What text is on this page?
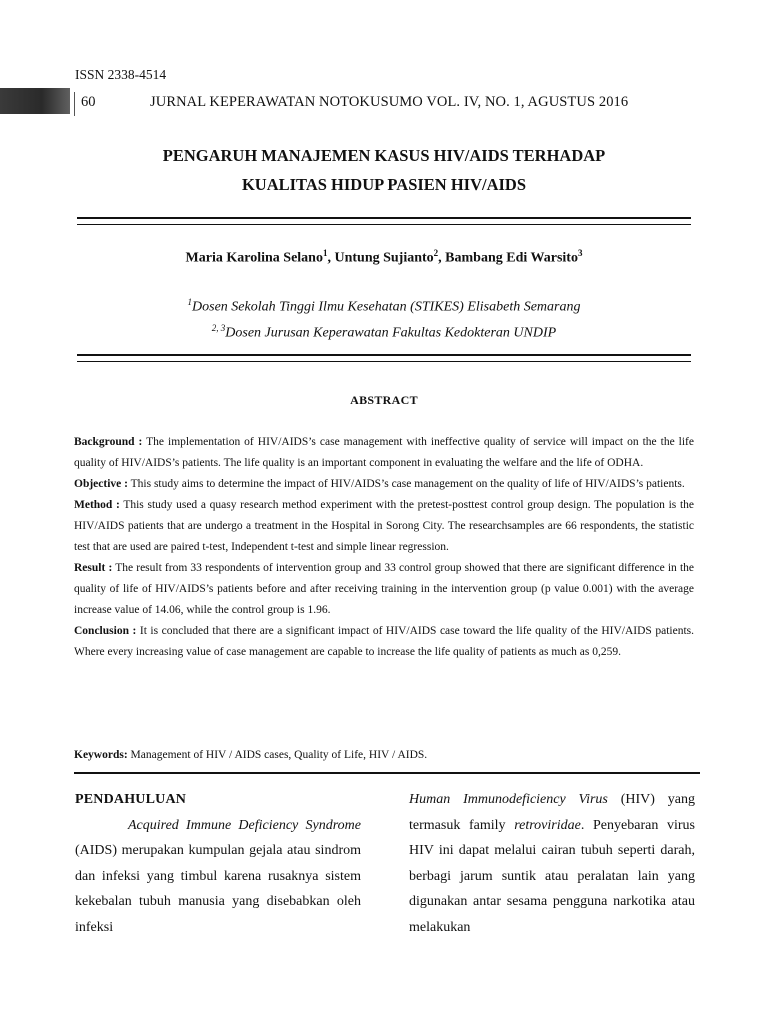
ISSN 2338-4514
60	JURNAL KEPERAWATAN NOTOKUSUMO VOL. IV, NO. 1, AGUSTUS 2016
PENGARUH MANAJEMEN KASUS HIV/AIDS TERHADAP
KUALITAS HIDUP PASIEN HIV/AIDS
Maria Karolina Selano$^1$, Untung Sujianto$^2$, Bambang Edi Warsito$^3$
$^1$Dosen Sekolah Tinggi Ilmu Kesehatan (STIKES) Elisabeth Semarang
$^{2, 3}$Dosen Jurusan Keperawatan Fakultas Kedokteran UNDIP
ABSTRACT

Background : The implementation of HIV/AIDS’s case management with ineffective quality of service will impact on the the life quality of HIV/AIDS’s patients. The life quality is an important component in evaluating the welfare and the life of ODHA.

Objective : This study aims to determine the impact of HIV/AIDS’s case management on the quality of life of HIV/AIDS’s patients.

Method : This study used a quasy research method experiment with the pretest-posttest control group design. The population is the HIV/AIDS patients that are undergo a treatment in the Hospital in Sorong City. The researchsamples are 66 respondents, the statistic test that are used are paired t-test, Independent t-test and simple linear regression.

Result : The result from 33 respondents of intervention group and 33 control group showed that there are significant difference in the quality of life of HIV/AIDS’s patients before and after receiving training in the intervention group (p value 0.001) with the average increase value of 14.06, while the control group is 1.96.

Conclusion : It is concluded that there are a significant impact of HIV/AIDS case toward the life quality of the HIV/AIDS patients. Where every increasing value of case management are capable to increase the life quality of patients as much as 0,259.

Keywords: Management of HIV / AIDS cases, Quality of Life, HIV / AIDS.

PENDAHULUAN

Acquired Immune Deficiency Syndrome (AIDS) merupakan kumpulan gejala atau sindrom dan infeksi yang timbul karena rusaknya sistem kekebalan tubuh manusia yang disebabkan oleh infeksi

Human Immunodeficiency Virus (HIV) yang termasuk family retroviridae. Penyebaran virus HIV ini dapat melalui cairan tubuh seperti darah, berbagi jarum suntik atau peralatan lain yang digunakan antar sesama pengguna narkotika atau melakukan
